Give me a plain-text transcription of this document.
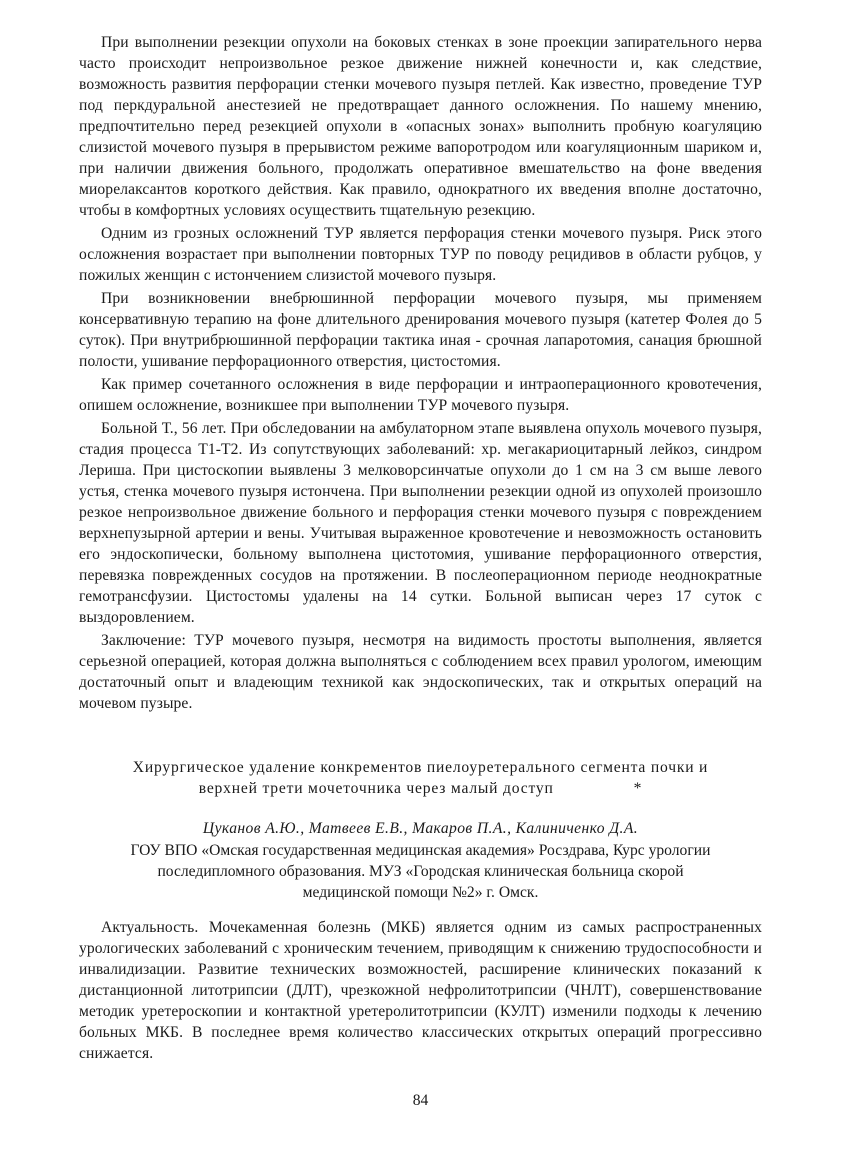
При выполнении резекции опухоли на боковых стенках в зоне проекции запирательного нерва часто происходит непроизвольное резкое движение нижней конечности и, как следствие, возможность развития перфорации стенки мочевого пузыря петлей. Как известно, проведение ТУР под перкдуральной анестезией не предотвращает данного осложнения. По нашему мнению, предпочтительно перед резекцией опухоли в «опасных зонах» выполнить пробную коагуляцию слизистой мочевого пузыря в прерывистом режиме вапоротродом или коагуляционным шариком и, при наличии движения больного, продолжать оперативное вмешательство на фоне введения миорелаксантов короткого действия. Как правило, однократного их введения вполне достаточно, чтобы в комфортных условиях осуществить тщательную резекцию.

Одним из грозных осложнений ТУР является перфорация стенки мочевого пузыря. Риск этого осложнения возрастает при выполнении повторных ТУР по поводу рецидивов в области рубцов, у пожилых женщин с истончением слизистой мочевого пузыря.

При возникновении внебрюшинной перфорации мочевого пузыря, мы применяем консервативную терапию на фоне длительного дренирования мочевого пузыря (катетер Фолея до 5 суток). При внутрибрюшинной перфорации тактика иная - срочная лапаротомия, санация брюшной полости, ушивание перфорационного отверстия, цистостомия.

Как пример сочетанного осложнения в виде перфорации и интраоперационного кровотечения, опишем осложнение, возникшее при выполнении ТУР мочевого пузыря.

Больной Т., 56 лет. При обследовании на амбулаторном этапе выявлена опухоль мочевого пузыря, стадия процесса Т1-Т2. Из сопутствующих заболеваний: хр. мегакариоцитарный лейкоз, синдром Лериша. При цистоскопии выявлены 3 мелковорсинчатые опухоли до 1 см на 3 см выше левого устья, стенка мочевого пузыря истончена. При выполнении резекции одной из опухолей произошло резкое непроизвольное движение больного и перфорация стенки мочевого пузыря с повреждением верхнепузырной артерии и вены. Учитывая выраженное кровотечение и невозможность остановить его эндоскопически, больному выполнена цистотомия, ушивание перфорационного отверстия, перевязка поврежденных сосудов на протяжении. В послеоперационном периоде неоднократные гемотрансфузии. Цистостомы удалены на 14 сутки. Больной выписан через 17 суток с выздоровлением.

Заключение: ТУР мочевого пузыря, несмотря на видимость простоты выполнения, является серьезной операцией, которая должна выполняться с соблюдением всех правил урологом, имеющим достаточный опыт и владеющим техникой как эндоскопических, так и открытых операций на мочевом пузыре.

Хирургическое удаление конкрементов пиелоуретерального сегмента почки и
верхней трети мочеточника через малый доступ	*
Цуканов А.Ю., Матвеев Е.В., Макаров П.А., Калиниченко Д.А.
ГОУ ВПО «Омская государственная медицинская академия» Росздрава, Курс урологии
последипломного образования. МУЗ «Городская клиническая больница скорой
медицинской помощи №2» г. Омск.

Актуальность. Мочекаменная болезнь (МКБ) является одним из самых распространенных урологических заболеваний с хроническим течением, приводящим к снижению трудоспособности и инвалидизации. Развитие технических возможностей, расширение клинических показаний к дистанционной литотрипсии (ДЛТ), чрезкожной нефролитотрипсии (ЧНЛТ), совершенствование методик уретероскопии и контактной уретеролитотрипсии (КУЛТ) изменили подходы к лечению больных МКБ. В последнее время количество классических открытых операций прогрессивно снижается.

84
